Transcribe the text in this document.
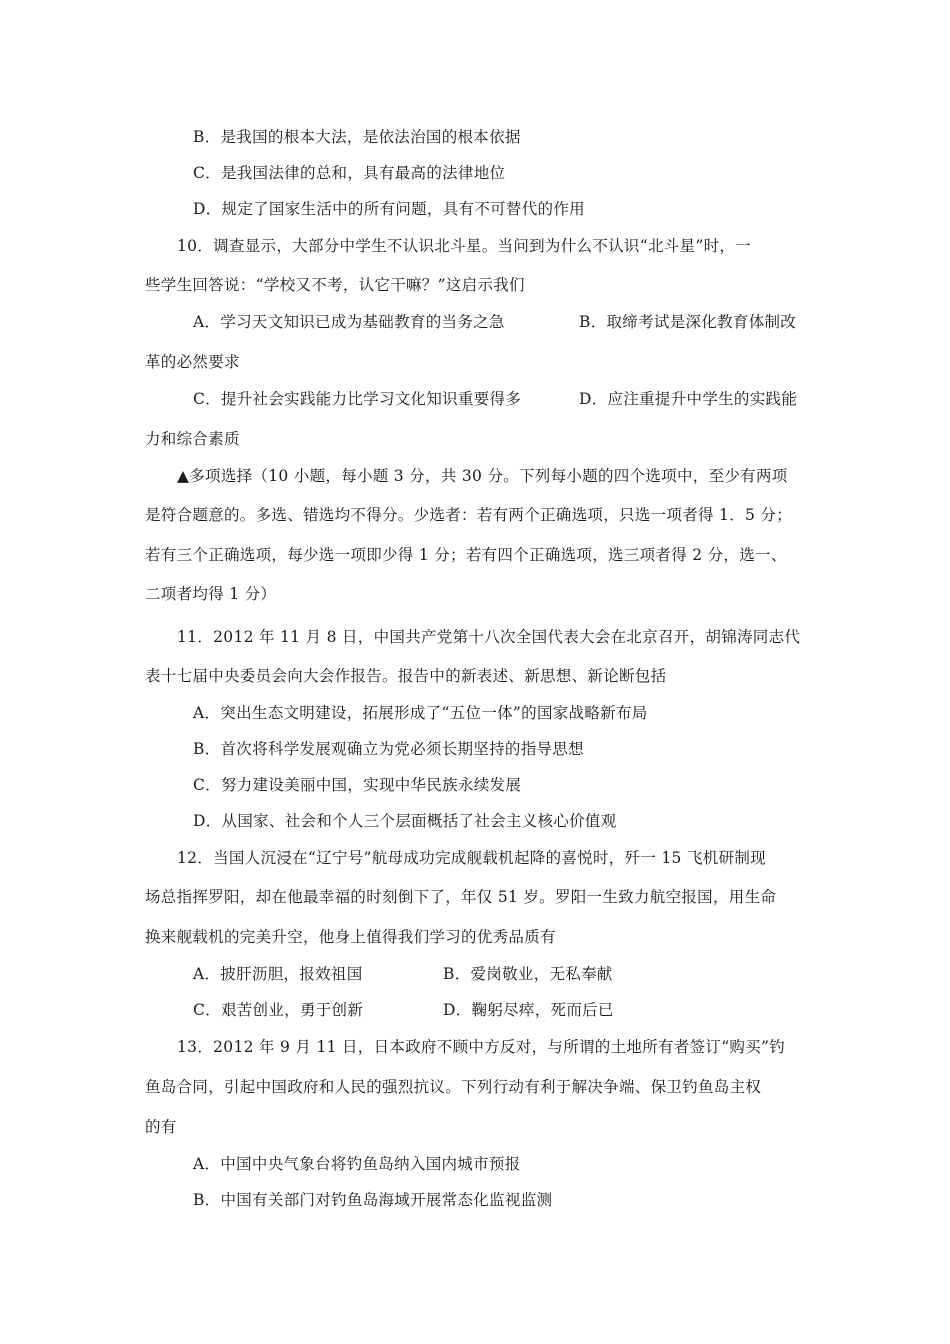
B．是我国的根本大法，是依法治国的根本依据
C．是我国法律的总和，具有最高的法律地位
D．规定了国家生活中的所有问题，具有不可替代的作用
10．调查显示，大部分中学生不认识北斗星。当问到为什么不认识“北斗星”时，一
些学生回答说：“学校又不考，认它干嘛？”这启示我们
A．学习天文知识已成为基础教育的当务之急	B．取缔考试是深化教育体制改
革的必然要求
C．提升社会实践能力比学习文化知识重要得多	D．应注重提升中学生的实践能
力和综合素质
▲多项选择（10 小题，每小题 3 分，共 30 分。下列每小题的四个选项中，至少有两项
是符合题意的。多选、错选均不得分。少选者：若有两个正确选项，只选一项者得 1．5 分；
若有三个正确选项，每少选一项即少得 1 分；若有四个正确选项，选三项者得 2 分，选一、
二项者均得 1 分）
11．2012 年 11 月 8 日，中国共产党第十八次全国代表大会在北京召开，胡锦涛同志代
表十七届中央委员会向大会作报告。报告中的新表述、新思想、新论断包括
A．突出生态文明建设，拓展形成了“五位一体”的国家战略新布局
B．首次将科学发展观确立为党必须长期坚持的指导思想
C．努力建设美丽中国，实现中华民族永续发展
D．从国家、社会和个人三个层面概括了社会主义核心价值观
12．当国人沉浸在“辽宁号”航母成功完成舰载机起降的喜悦时，歼一 15 飞机研制现
场总指挥罗阳，却在他最幸福的时刻倒下了，年仅 51 岁。罗阳一生致力航空报国，用生命
换来舰载机的完美升空，他身上值得我们学习的优秀品质有
A．披肝沥胆，报效祖国	B．爱岗敬业，无私奉献
C．艰苦创业，勇于创新	D．鞠躬尽瘁，死而后已
13．2012 年 9 月 11 日，日本政府不顾中方反对，与所谓的土地所有者签订“购买”钓
鱼岛合同，引起中国政府和人民的强烈抗议。下列行动有利于解决争端、保卫钓鱼岛主权
的有
A．中国中央气象台将钓鱼岛纳入国内城市预报
B．中国有关部门对钓鱼岛海域开展常态化监视监测
